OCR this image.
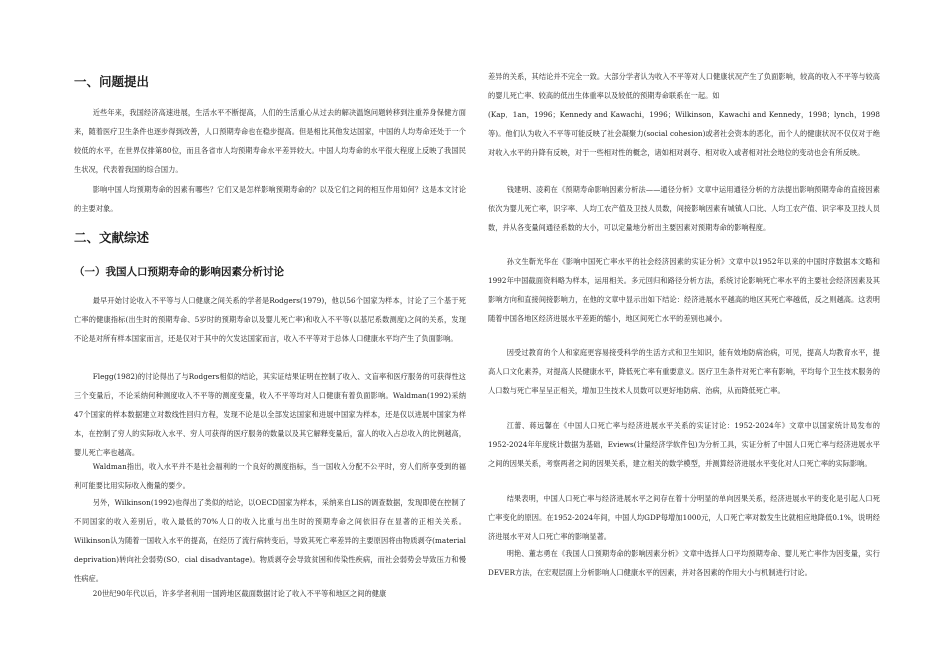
一、问题提出

近些年来，我国经济高速进展，生活水平不断提高，人们的生活重心从过去的解决温饱问题转移到注重养身保健方面来，随着医疗卫生条件也逐步得到改善，人口预期寿命也在稳步提高。但是相比其他发达国家，中国的人均寿命还处于一个较低的水平，在世界仅排第80位，而且各省市人均预期寿命水平差异较大。中国人均寿命的水平很大程度上反映了我国民生状况，代表着我国的综合国力。

影响中国人均预期寿命的因素有哪些？它们又是怎样影响预期寿命的？以及它们之间的相互作用如何？这是本文讨论的主要对象。

二、文献综述
（一）我国人口预期寿命的影响因素分析讨论

最早开始讨论收入不平等与人口健康之间关系的学者是Rodgers(1979)，他以56个国家为样本，讨论了三个基于死亡率的健康指标(出生时的预期寿命、5岁时的预期寿命以及婴儿死亡率)和收入不平等(以基尼系数测度)之间的关系，发现不论是对所有样本国家而言，还是仅对于其中的欠发达国家而言，收入不平等对于总体人口健康水平均产生了负面影响。

Flegg(1982)的讨论得出了与Rodgers相似的结论，其实证结果证明在控制了收入、文盲率和医疗服务的可获得性这三个变量后，不论采纳何种测度收入不平等的测度变量，收入不平等均对人口健康有着负面影响。Waldman(1992)采纳47个国家的样本数据建立对数线性回归方程，发现不论是以全部发达国家和进展中国家为样本，还是仅以进展中国家为样本，在控制了穷人的实际收入水平、穷人可获得的医疗服务的数量以及其它解释变量后，富人的收入占总收入的比例越高，婴儿死亡率也越高。

Waldman指出，收入水平并不是社会福利的一个良好的测度指标，当一国收入分配不公平时，穷人们所享受到的福利可能要比用实际收入衡量的要少。

另外，Wilkinson(1992)也得出了类似的结论，以OECD国家为样本，采纳来自LIS的调查数据，发现即使在控制了不同国家的收入差别后，收入最低的70%人口的收入比重与出生时的预期寿命之间依旧存在显著的正相关关系。Wilkinson认为随着一国收入水平的提高，在经历了流行病转变后，导致其死亡率差异的主要原因将由物质剥夺(material deprivation)转向社会弱势(SO．cial disadvantage)。物质剥夺会导致贫困和传染性疾病，而社会弱势会导致压力和慢性病症。

20世纪90年代以后，许多学者利用一国跨地区截面数据讨论了收入不平等和地区之间的健康

差异的关系，其结论并不完全一致。大部分学者认为收入不平等对人口健康状况产生了负面影响，较高的收入不平等与较高的婴儿死亡率、较高的低出生体重率以及较低的预期寿命联系在一起。如

(Kap．1an，1996；Kennedy and Kawachi，1996；Wilkinson，Kawachi and Kennedy，1998；lynch，1998等)。他们认为收入不平等可能反映了社会凝聚力(social cohesion)或者社会资本的恶化，而个人的健康状况不仅仅对于绝对收入水平的升降有反映，对于一些相对性的概念，诸如相对剥夺、相对收入或者相对社会地位的变动也会有所反映。

钱建明、凌莉在《预期寿命影响因素分析法——通径分析》文章中运用通径分析的方法提出影响预期寿命的直接因素依次为婴儿死亡率，识字率、人均工农产值及卫技人员数，间接影响因素有城镇人口比、人均工农产值、识字率及卫技人员数，并从各变量间通径系数的大小，可以定量地分析出主要因素对预期寿命的影响程度。

孙文生靳光华在《影响中国死亡率水平的社会经济因素的实证分析》文章中以1952年以来的中国时序数据本文略和1992年中国截面资料略为样本，运用相关。多元回归和路径分析方法，系统讨论影响死亡率水平的主要社会经济因素及其影响方向和直接间接影响力，在他的文章中显示出如下结论：经济进展水平越高的地区其死亡率越低，反之则越高。这表明随着中国各地区经济进展水平差距的缩小，地区间死亡水平的差别也减小。

因受过教育的个人和家庭更容易接受科学的生活方式和卫生知识，能有效地防病治病，可见，提高人均教育水平，提高人口文化素养，对提高人民健康水平，降低死亡率有重要意义。医疗卫生条件对死亡率有影响，平均每个卫生技术服务的人口数与死亡率呈呈正相关，增加卫生技术人员数可以更好地防病、治病，从而降低死亡率。

江蕾、蒋远馨在《中国人口死亡率与经济进展水平关系的实证讨论：1952-2024年》文章中以国家统计局发布的1952-2024年年度统计数据为基础，Eviews(计量经济学软件包)为分析工具，实证分析了中国人口死亡率与经济进展水平之间的因果关系，考察两者之间的因果关系，建立相关的数学模型，并测算经济进展水平变化对人口死亡率的实际影响。

结果表明，中国人口死亡率与经济进展水平之间存在着十分明显的单向因果关系，经济进展水平的变化是引起人口死亡率变化的原因。在1952-2024年间，中国人均GDP每增加1000元，人口死亡率对数发生比就相应地降低0.1%，说明经济进展水平对人口死亡率的影响显著。

明艳、董志勇在《我国人口预期寿命的影响因素分析》文章中选择人口平均预期寿命、婴儿死亡率作为因变量，实行DEVER方法，在宏观层面上分析影响人口健康水平的因素，并对各因素的作用大小与机制进行讨论。
